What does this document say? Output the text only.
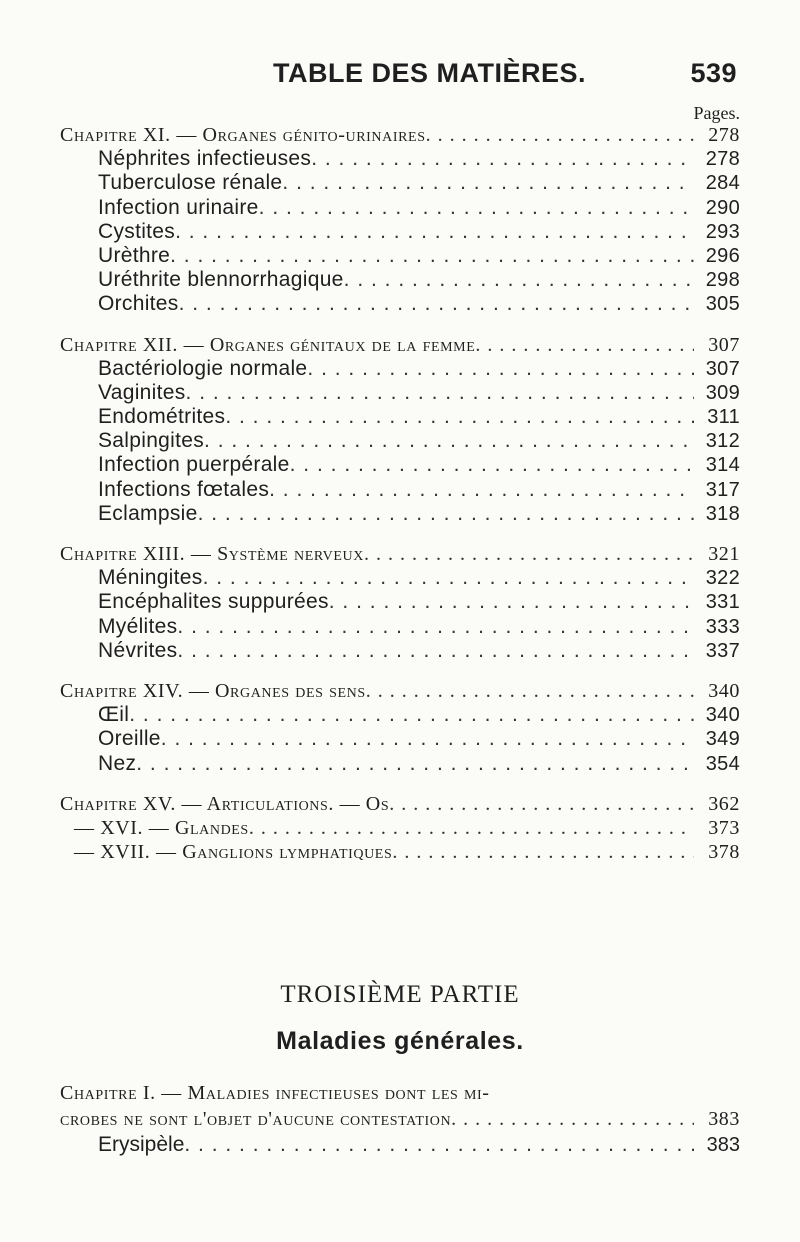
TABLE DES MATIÈRES.	539
Pages.
Chapitre XI. — Organes génito-urinaires . . .	278
Néphrites infectieuses . . .	278
Tuberculose rénale . . .	284
Infection urinaire . . .	290
Cystites . . .	293
Urèthre . . .	296
Uréthrite blennorrhagique . . .	298
Orchites . . .	305
Chapitre XII. — Organes génitaux de la femme . . .	307
Bactériologie normale . . .	307
Vaginites . . .	309
Endométrites . . .	311
Salpingites . . .	312
Infection puerpérale . . .	314
Infections fœtales . . .	317
Eclampsie . . .	318
Chapitre XIII. — Système nerveux . . .	321
Méningites . . .	322
Encéphalites suppurées . . .	331
Myélites . . .	333
Névrites . . .	337
Chapitre XIV. — Organes des sens . . .	340
Œil . . .	340
Oreille . . .	349
Nez . . .	354
Chapitre XV. — Articulations. — Os . . .	362
— XVI. — Glandes . . .	373
— XVII. — Ganglions lymphatiques . . .	378
TROISIÈME PARTIE
Maladies générales.
Chapitre I. — Maladies infectieuses dont les mi-
crobes ne sont l'objet d'aucune contestation . . .	383
Erysipèle . . .	383
